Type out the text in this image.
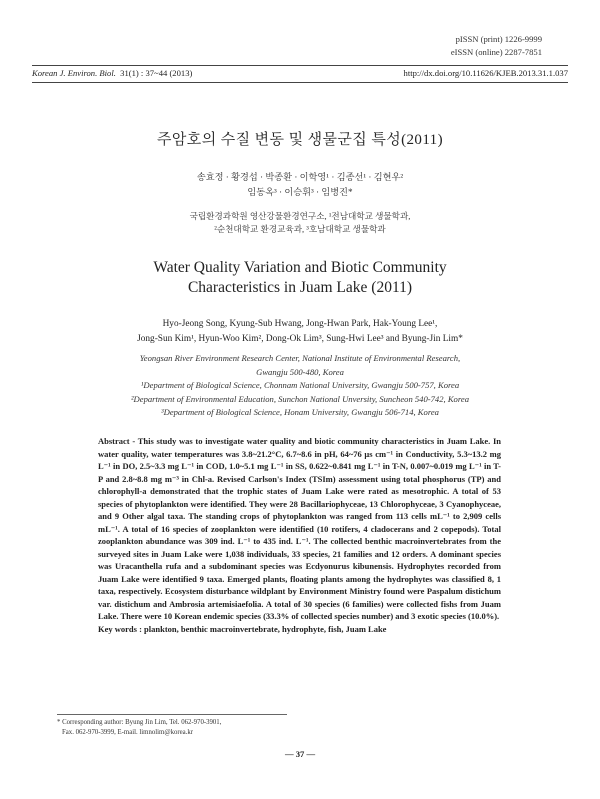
pISSN (print) 1226-9999
eISSN (online) 2287-7851
Korean J. Environ. Biol. 31(1) : 37~44 (2013)	http://dx.doi.org/10.11626/KJEB.2013.31.1.037
주암호의 수질 변동 및 생물군집 특성(2011)
송효정 · 황경섭 · 박종환 · 이학영¹ · 김종선¹ · 김현우²
임동옥³ · 이승휘³ · 임병진*
국립환경과학원 영산강물환경연구소, ¹전남대학교 생물학과,
²순천대학교 환경교육과, ³호남대학교 생물학과
Water Quality Variation and Biotic Community
Characteristics in Juam Lake (2011)
Hyo-Jeong Song, Kyung-Sub Hwang, Jong-Hwan Park, Hak-Young Lee¹,
Jong-Sun Kim¹, Hyun-Woo Kim², Dong-Ok Lim³, Sung-Hwi Lee³ and Byung-Jin Lim*
Yeongsan River Environment Research Center, National Institute of Environmental Research,
Gwangju 500-480, Korea
¹Department of Biological Science, Chonnam National University, Gwangju 500-757, Korea
²Department of Environmental Education, Sunchon National Unversity, Suncheon 540-742, Korea
³Department of Biological Science, Honam University, Gwangju 506-714, Korea

Abstract - This study was to investigate water quality and biotic community characteristics in Juam Lake. In water quality, water temperatures was 3.8~21.2°C, 6.7~8.6 in pH, 64~76 μs cm⁻¹ in Conductivity, 5.3~13.2 mg L⁻¹ in DO, 2.5~3.3 mg L⁻¹ in COD, 1.0~5.1 mg L⁻¹ in SS, 0.622~0.841 mg L⁻¹ in T-N, 0.007~0.019 mg L⁻¹ in T-P and 2.8~8.8 mg m⁻³ in Chl-a. Revised Carlson's Index (TSIm) assessment using total phosphorus (TP) and chlorophyll-a demonstrated that the trophic states of Juam Lake were rated as mesotrophic. A total of 53 species of phytoplankton were identified. They were 28 Bacillariophyceae, 13 Chlorophyceae, 3 Cyanophyceae, and 9 Other algal taxa. The standing crops of phytoplankton was ranged from 113 cells mL⁻¹ to 2,909 cells mL⁻¹. A total of 16 species of zooplankton were identified (10 rotifers, 4 cladocerans and 2 copepods). Total zooplankton abundance was 309 ind. L⁻¹ to 435 ind. L⁻¹. The collected benthic macroinvertebrates from the surveyed sites in Juam Lake were 1,038 individuals, 33 species, 21 families and 12 orders. A dominant species was Uracanthella rufa and a subdominant species was Ecdyonurus kibunensis. Hydrophytes recorded from Juam Lake were identified 9 taxa. Emerged plants, floating plants among the hydrophytes was classified 8, 1 taxa, respectively. Ecosystem disturbance wildplant by Environment Ministry found were Paspalum distichum var. distichum and Ambrosia artemisiaefolia. A total of 30 species (6 families) were collected fishs from Juam Lake. There were 10 Korean endemic species (33.3% of collected species number) and 3 exotic species (10.0%).

Key words : plankton, benthic macroinvertebrate, hydrophyte, fish, Juam Lake

* Corresponding author: Byung Jin Lim, Tel. 062-970-3901,
Fax. 062-970-3999, E-mail. limnolim@korea.kr
— 37 —
